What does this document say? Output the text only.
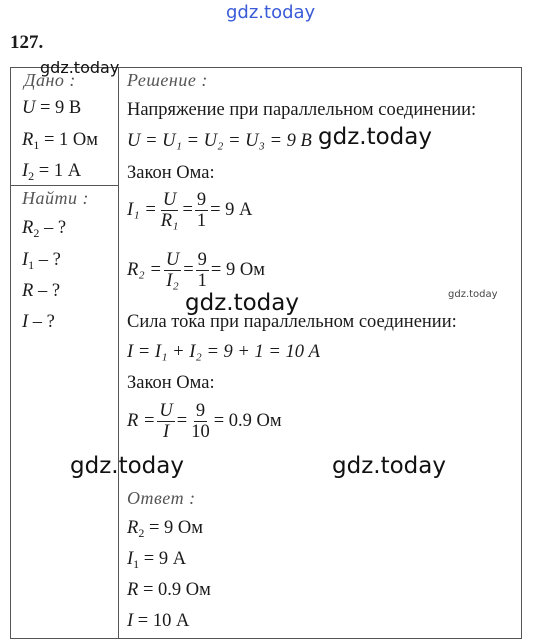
gdz.today
127.
Дано :
gdz.today
U = 9 В
$R_1 = 1$ Ом
$I_2 = 1$ А
Найти :
$R_2$ – ?
$I_1$ – ?
R – ?
I – ?
Решение :
Напряжение при параллельном соединении:
U = U₁ = U₂ = U₃ = 9 В gdz.today
Закон Ома:
$I_1 = \frac{U}{\text{R₁}} = \frac{9}{1} = 9$ А
$R_2 = \frac{U}{\text{I₂}} = \frac{9}{1} = 9$ Ом
gdz.today
gdz.today
Сила тока при параллельном соединении:
I = I₁ + I₂ = 9 + 1 = 10 А
Закон Ома:
$R = \frac{U}{I} = \frac{9}{10} = 0.9$ Ом
gdz.today	gdz.today
Ответ :
$R_2 = 9$ Ом
$I_1 = 9$ А
R = 0.9 Ом
I = 10 А
